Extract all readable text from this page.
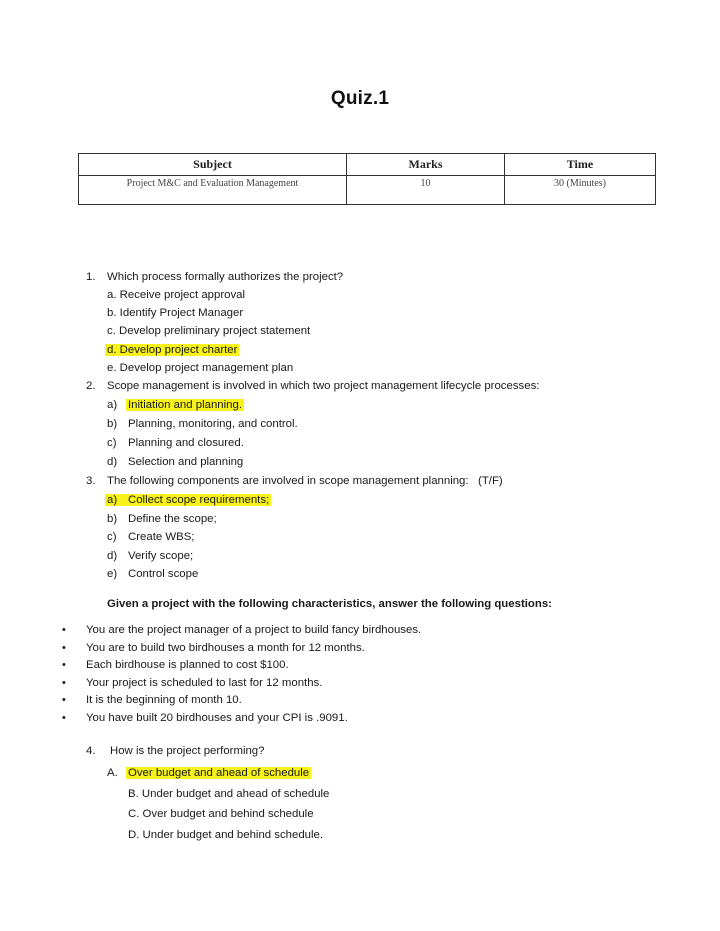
Quiz.1
Subject	Marks	Time
Project M&C and Evaluation Management	10	30 (Minutes)
1. Which process formally authorizes the project?
a. Receive project approval
b. Identify Project Manager
c. Develop preliminary project statement
d. Develop project charter
e. Develop project management plan
2. Scope management is involved in which two project management lifecycle processes:
a) Initiation and planning.
b) Planning, monitoring, and control.
c) Planning and closured.
d) Selection and planning
3. The following components are involved in scope management planning:   (T/F)
a) Collect scope requirements;
b) Define the scope;
c) Create WBS;
d) Verify scope;
e) Control scope
Given a project with the following characteristics, answer the following questions:
• You are the project manager of a project to build fancy birdhouses.
• You are to build two birdhouses a month for 12 months.
• Each birdhouse is planned to cost $100.
• Your project is scheduled to last for 12 months.
• It is the beginning of month 10.
• You have built 20 birdhouses and your CPI is .9091.
4. How is the project performing?
A. Over budget and ahead of schedule
B. Under budget and ahead of schedule
C. Over budget and behind schedule
D. Under budget and behind schedule.
